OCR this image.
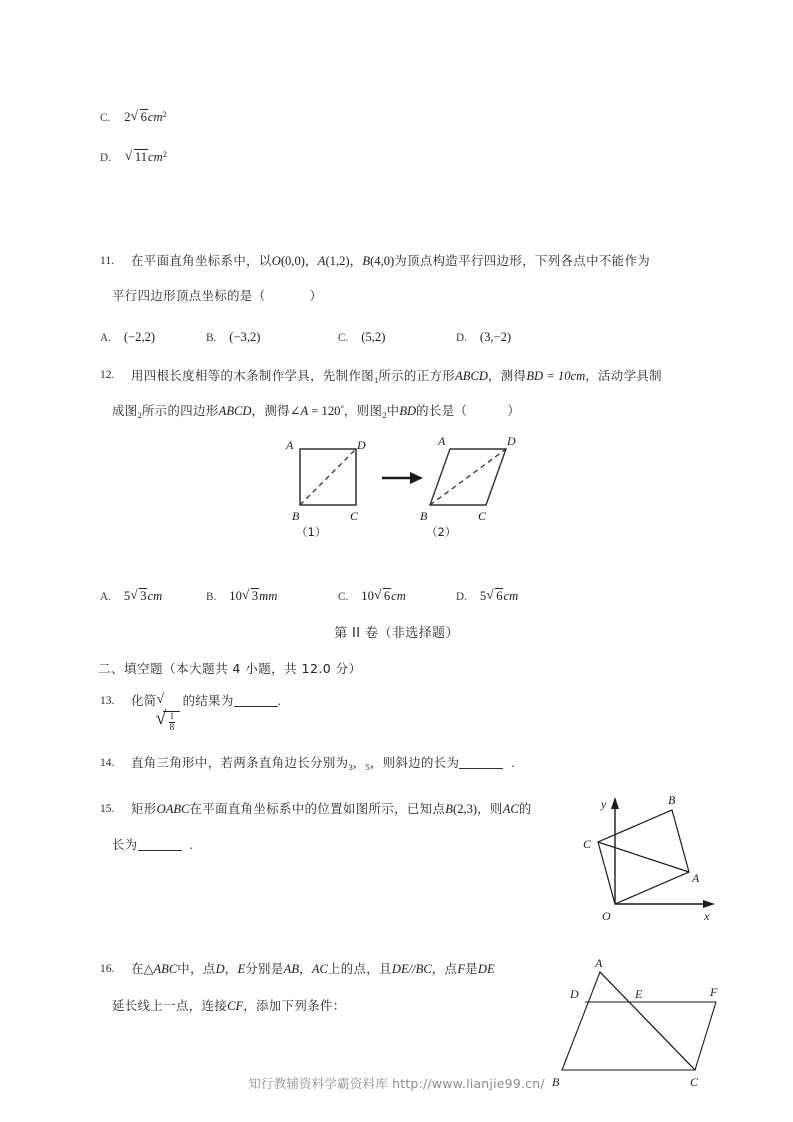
C. 2 √ $6cm^2$
D. √ $11cm^2$
11. 在平面直角坐标系中，以O(0,0)，A(1,2)，B(4,0)为顶点构造平行四边形，下列各点中不能作为
平行四边形顶点坐标的是（	）
A. (−2,2)	B. (−3,2)	C. (5,2)	D. (3,−2)
12. 用四根长度相等的木条制作学具，先制作图$_1$所示的正方形ABCD，测得BD = 10cm，活动学具制
成图$_2$所示的四边形ABCD，测得∠A = 120°，则图$_2$中BD的长是（	）
A
B	C
D	A
B	C
D
（1）	（2）
A. 5 √ 3cm	B. 10 √ 3mm	C. 10 √ 6cm	D. 5 √ 6cm
第 II 卷（非选择题）
二、填空题（本大题共 4 小题，共 12.0 分）
13. 化简
√ √ $\frac{1}{8}$
的结果为	.
14. 直角三角形中，若两条直角边长分别为$_3$，$_5$，则斜边的长为	.
15. 矩形OABC在平面直角坐标系中的位置如图所示，已知点B(2,3)，则AC的
长为	.
y
x
O
A
B
C
16. 在△ABC中，点D，E分别是AB，AC上的点，且DE//BC，点F是DE
延长线上一点，连接CF，添加下列条件：
A
B	C
D	E	F
知行教辅资料学霸资料库 http://www.lianjie99.cn/
